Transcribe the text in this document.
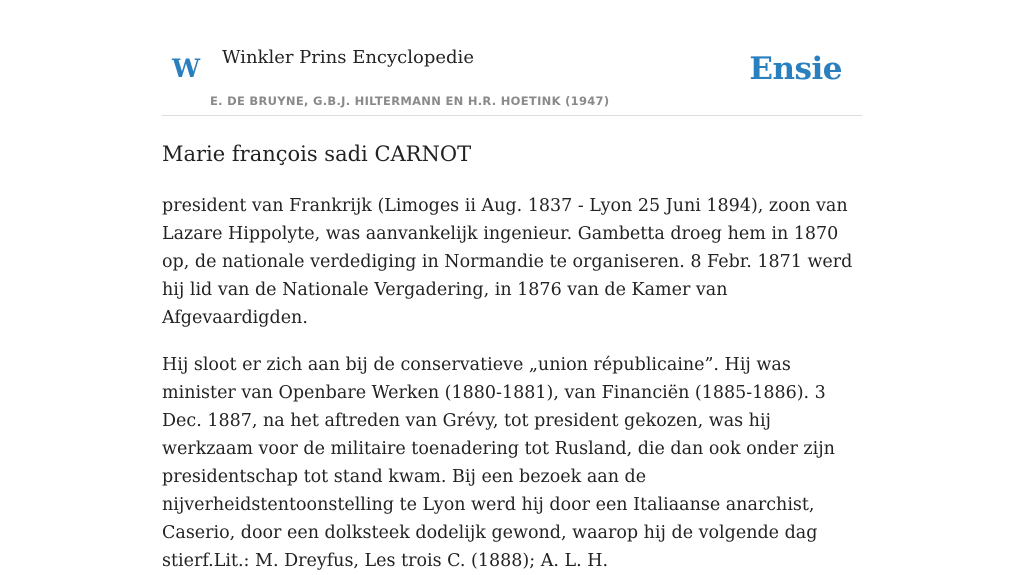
W Winkler Prins Encyclopedie
E. DE BRUYNE, G.B.J. HILTERMANN EN H.R. HOETINK (1947)
Ensie
Marie françois sadi CARNOT

president van Frankrijk (Limoges ii Aug. 1837 - Lyon 25 Juni 1894), zoon van Lazare Hippolyte, was aanvankelijk ingenieur. Gambetta droeg hem in 1870 op, de nationale verdediging in Normandie te organiseren. 8 Febr. 1871 werd hij lid van de Nationale Vergadering, in 1876 van de Kamer van Afgevaardigden.

Hij sloot er zich aan bij de conservatieve „union républicaine”. Hij was minister van Openbare Werken (1880-1881), van Financiën (1885-1886). 3 Dec. 1887, na het aftreden van Grévy, tot president gekozen, was hij werkzaam voor de militaire toenadering tot Rusland, die dan ook onder zijn presidentschap tot stand kwam. Bij een bezoek aan de nijverheidstentoonstelling te Lyon werd hij door een Italiaanse anarchist, Caserio, door een dolksteek dodelijk gewond, waarop hij de volgende dag stierf.Lit.: M. Dreyfus, Les trois C. (1888); A. L. H.
